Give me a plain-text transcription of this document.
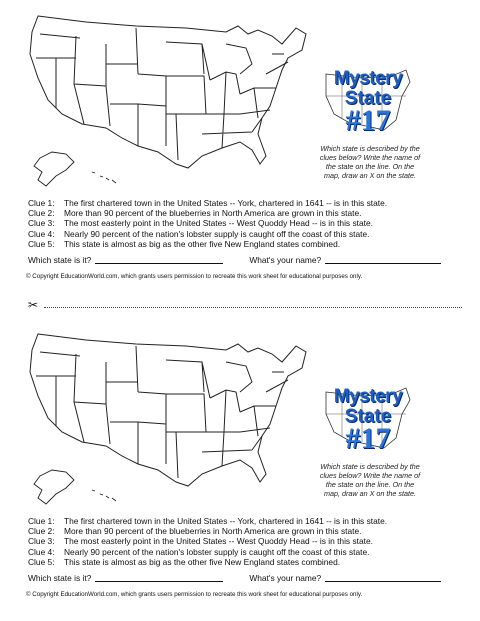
Mystery
State
#17
Which state is described by the clues below? Write the name of the state on the line. On the map, draw an X on the state.
Clue 1:	The first chartered town in the United States -- York, chartered in 1641 -- is in this state.
Clue 2:	More than 90 percent of the blueberries in North America are grown in this state.
Clue 3:	The most easterly point in the United States -- West Quoddy Head -- is in this state.
Clue 4:	Nearly 90 percent of the nation's lobster supply is caught off the coast of this state.
Clue 5:	This state is almost as big as the other five New England states combined.
Which state is it?	What's your name?
© Copyright EducationWorld.com, which grants users permission to recreate this work sheet for educational purposes only.
✂
Mystery
State
#17
Which state is described by the clues below? Write the name of the state on the line. On the map, draw an X on the state.
Clue 1:	The first chartered town in the United States -- York, chartered in 1641 -- is in this state.
Clue 2:	More than 90 percent of the blueberries in North America are grown in this state.
Clue 3:	The most easterly point in the United States -- West Quoddy Head -- is in this state.
Clue 4:	Nearly 90 percent of the nation's lobster supply is caught off the coast of this state.
Clue 5:	This state is almost as big as the other five New England states combined.
Which state is it?	What's your name?
© Copyright EducationWorld.com, which grants users permission to recreate this work sheet for educational purposes only.
